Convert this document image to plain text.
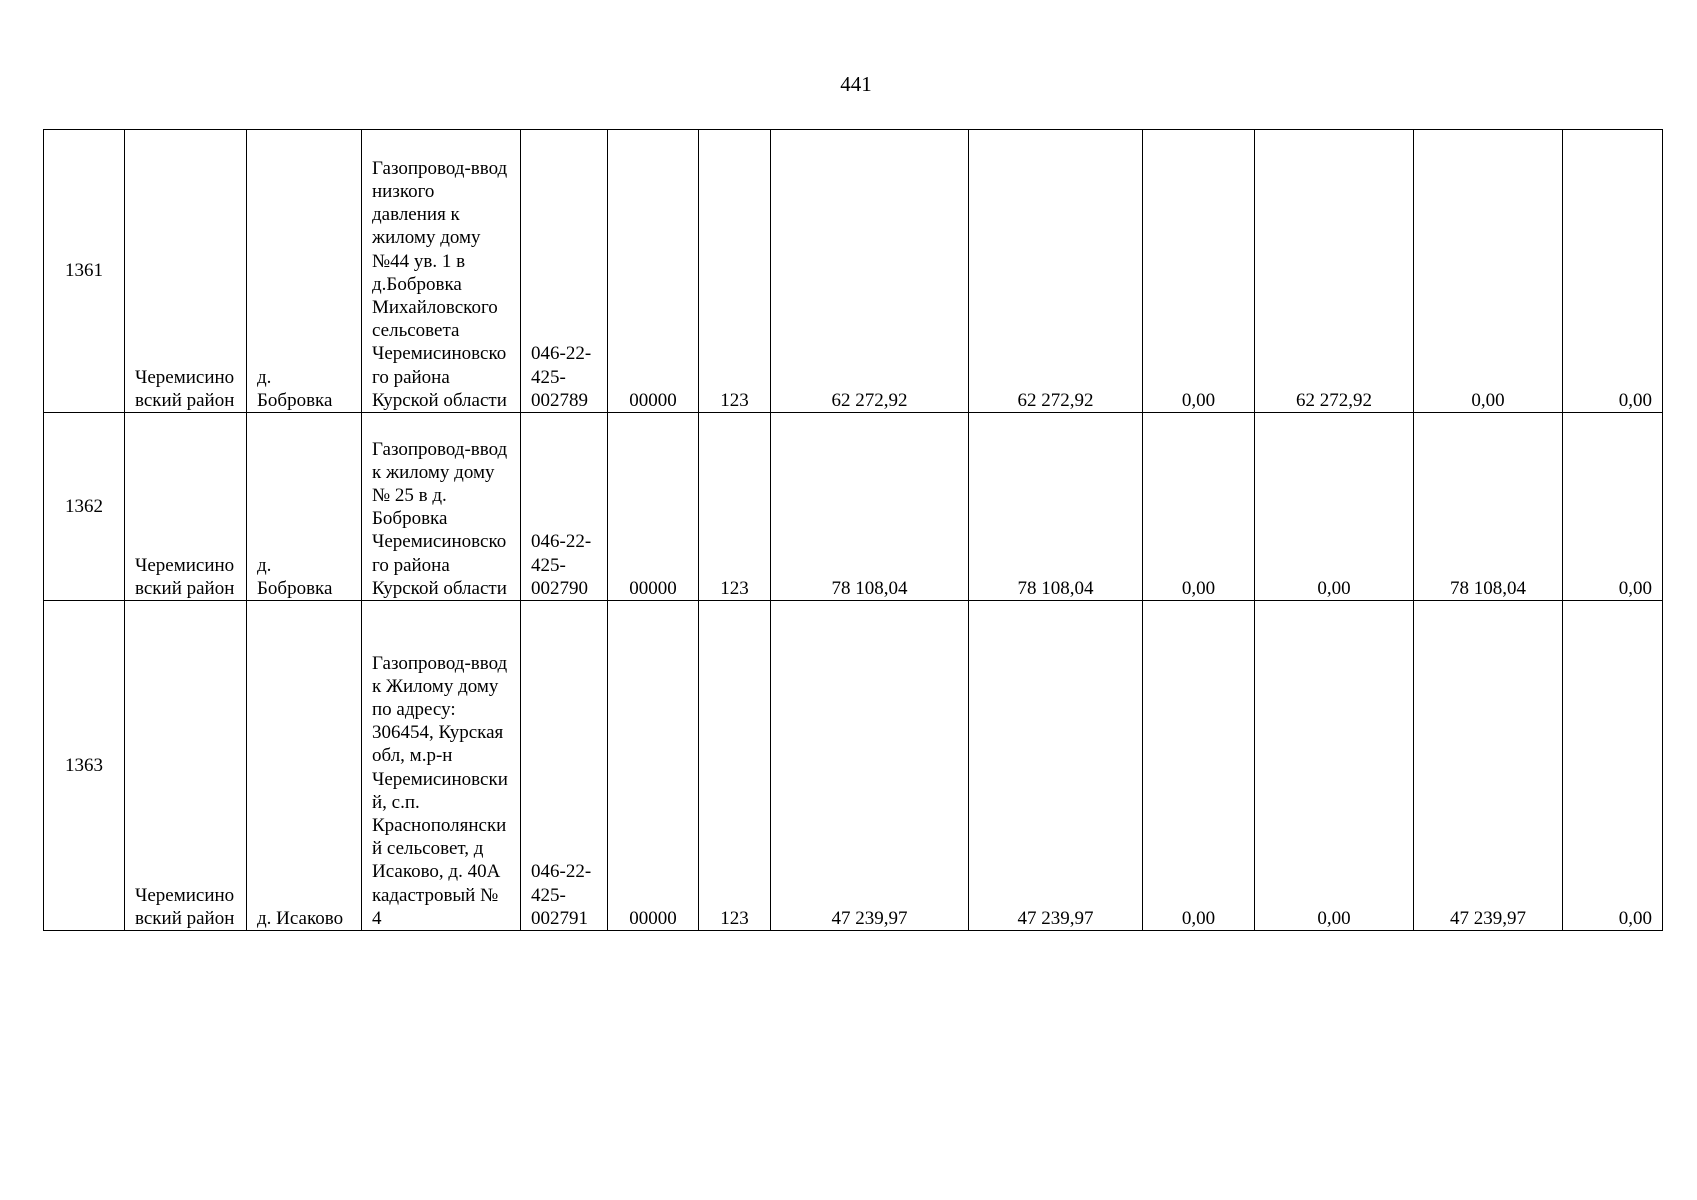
441
1361	Черемисиновский район	д. Бобровка	Газопровод-ввод низкого давления к жилому дому №44 ув. 1 в д.Бобровка Михайловского сельсовета Черемисиновского района Курской области	046-22-425-002789	00000	123	62 272,92	62 272,92	0,00	62 272,92	0,00	0,00
1362	Черемисиновский район	д. Бобровка	Газопровод-ввод к жилому дому № 25 в д. Бобровка Черемисиновского района Курской области	046-22-425-002790	00000	123	78 108,04	78 108,04	0,00	0,00	78 108,04	0,00
1363	Черемисиновский район	д. Исаково	Газопровод-ввод к Жилому дому по адресу: 306454, Курская обл, м.р-н Черемисиновский, с.п. Краснополянский сельсовет, д Исаково, д. 40А кадастровый № 4	046-22-425-002791	00000	123	47 239,97	47 239,97	0,00	0,00	47 239,97	0,00
